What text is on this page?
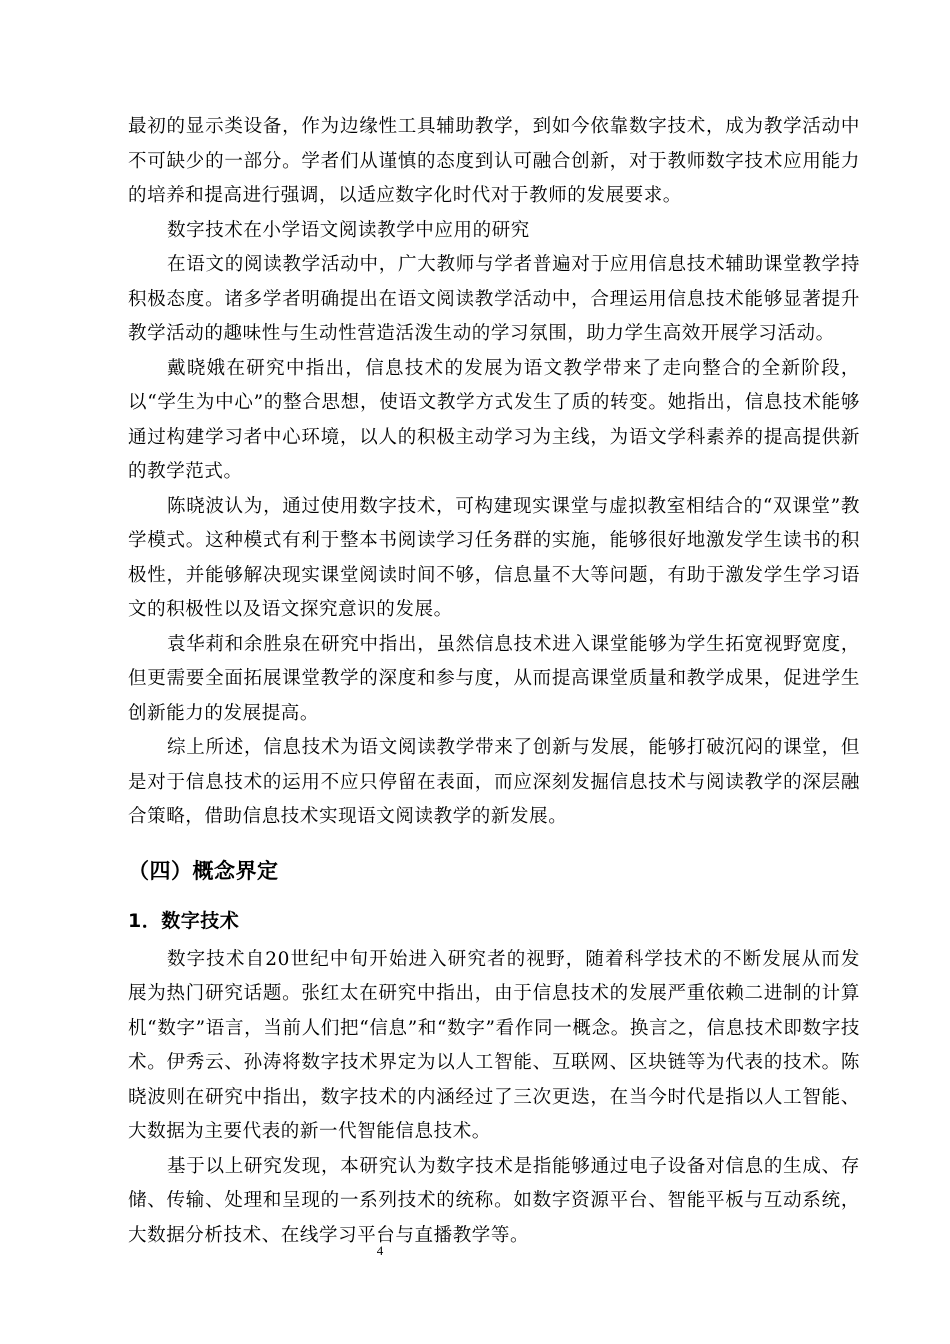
最初的显示类设备，作为边缘性工具辅助教学，到如今依靠数字技术，成为教学活动中不可缺少的一部分。学者们从谨慎的态度到认可融合创新，对于教师数字技术应用能力的培养和提高进行强调，以适应数字化时代对于教师的发展要求。

数字技术在小学语文阅读教学中应用的研究

在语文的阅读教学活动中，广大教师与学者普遍对于应用信息技术辅助课堂教学持积极态度。诸多学者明确提出在语文阅读教学活动中，合理运用信息技术能够显著提升教学活动的趣味性与生动性营造活泼生动的学习氛围，助力学生高效开展学习活动。

戴晓娥在研究中指出，信息技术的发展为语文教学带来了走向整合的全新阶段，以“学生为中心”的整合思想，使语文教学方式发生了质的转变。她指出，信息技术能够通过构建学习者中心环境，以人的积极主动学习为主线，为语文学科素养的提高提供新的教学范式。

陈晓波认为，通过使用数字技术，可构建现实课堂与虚拟教室相结合的“双课堂”教学模式。这种模式有利于整本书阅读学习任务群的实施，能够很好地激发学生读书的积极性，并能够解决现实课堂阅读时间不够，信息量不大等问题，有助于激发学生学习语文的积极性以及语文探究意识的发展。

袁华莉和余胜泉在研究中指出，虽然信息技术进入课堂能够为学生拓宽视野宽度，但更需要全面拓展课堂教学的深度和参与度，从而提高课堂质量和教学成果，促进学生创新能力的发展提高。

综上所述，信息技术为语文阅读教学带来了创新与发展，能够打破沉闷的课堂，但是对于信息技术的运用不应只停留在表面，而应深刻发掘信息技术与阅读教学的深层融合策略，借助信息技术实现语文阅读教学的新发展。

（四）概念界定
1．数字技术

数字技术自20世纪中旬开始进入研究者的视野，随着科学技术的不断发展从而发展为热门研究话题。张红太在研究中指出，由于信息技术的发展严重依赖二进制的计算机“数字”语言，当前人们把“信息”和“数字”看作同一概念。换言之，信息技术即数字技术。伊秀云、孙涛将数字技术界定为以人工智能、互联网、区块链等为代表的技术。陈晓波则在研究中指出，数字技术的内涵经过了三次更迭，在当今时代是指以人工智能、大数据为主要代表的新一代智能信息技术。

基于以上研究发现，本研究认为数字技术是指能够通过电子设备对信息的生成、存储、传输、处理和呈现的一系列技术的统称。如数字资源平台、智能平板与互动系统，大数据分析技术、在线学习平台与直播教学等。

4
